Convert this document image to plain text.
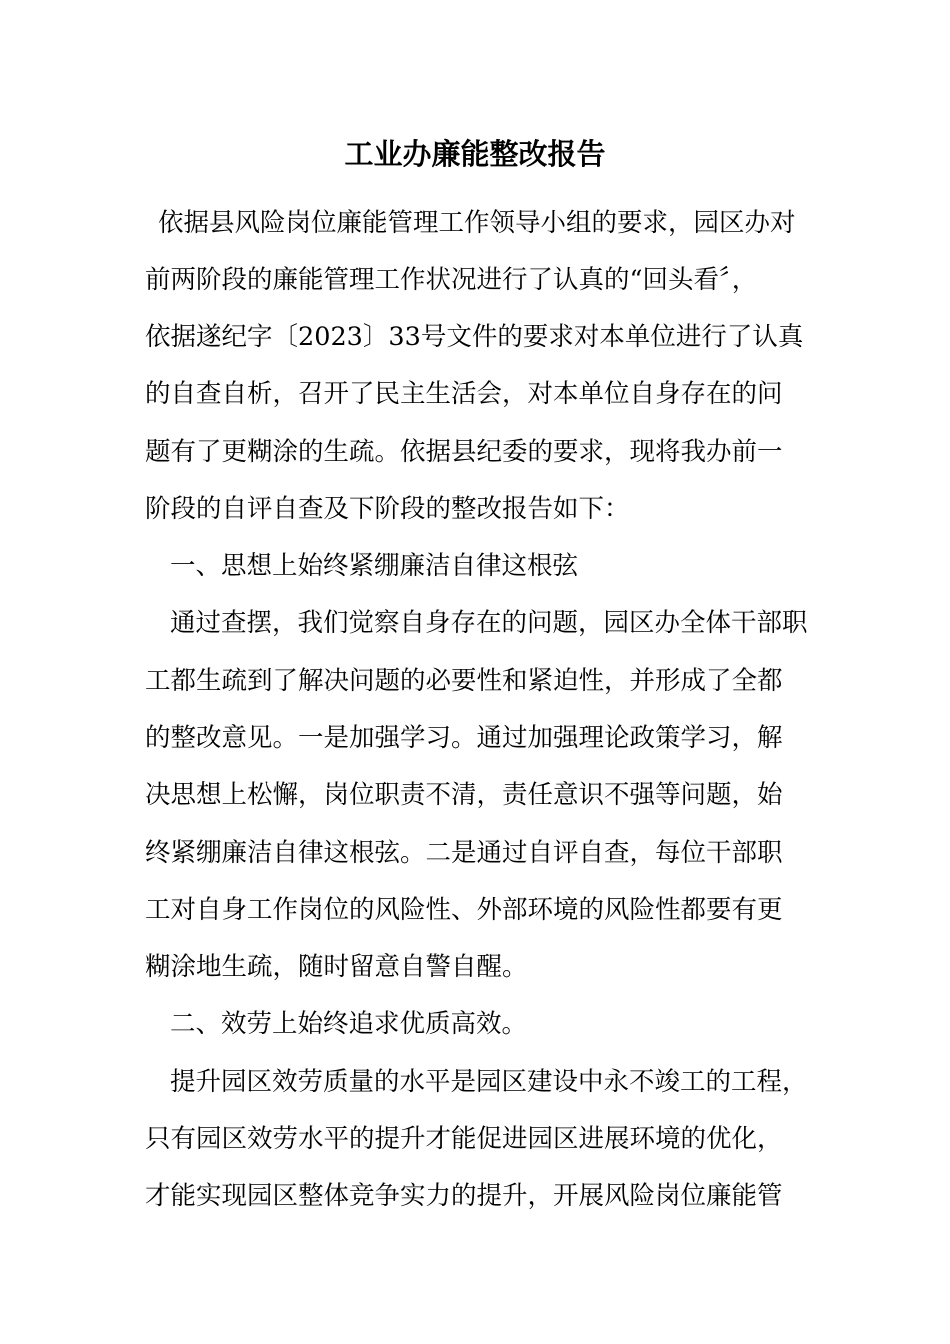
工业办廉能整改报告
依据县风险岗位廉能管理工作领导小组的要求，园区办对
前两阶段的廉能管理工作状况进行了认真的“回头看〞，
依据遂纪字〔2023〕33号文件的要求对本单位进行了认真
的自查自析，召开了民主生活会，对本单位自身存在的问
题有了更糊涂的生疏。依据县纪委的要求，现将我办前一
阶段的自评自查及下阶段的整改报告如下：
一、思想上始终紧绷廉洁自律这根弦
通过查摆，我们觉察自身存在的问题，园区办全体干部职
工都生疏到了解决问题的必要性和紧迫性，并形成了全都
的整改意见。一是加强学习。通过加强理论政策学习，解
决思想上松懈，岗位职责不清，责任意识不强等问题，始
终紧绷廉洁自律这根弦。二是通过自评自查，每位干部职
工对自身工作岗位的风险性、外部环境的风险性都要有更
糊涂地生疏，随时留意自警自醒。
二、效劳上始终追求优质高效。
提升园区效劳质量的水平是园区建设中永不竣工的工程，
只有园区效劳水平的提升才能促进园区进展环境的优化，
才能实现园区整体竞争实力的提升，开展风险岗位廉能管
